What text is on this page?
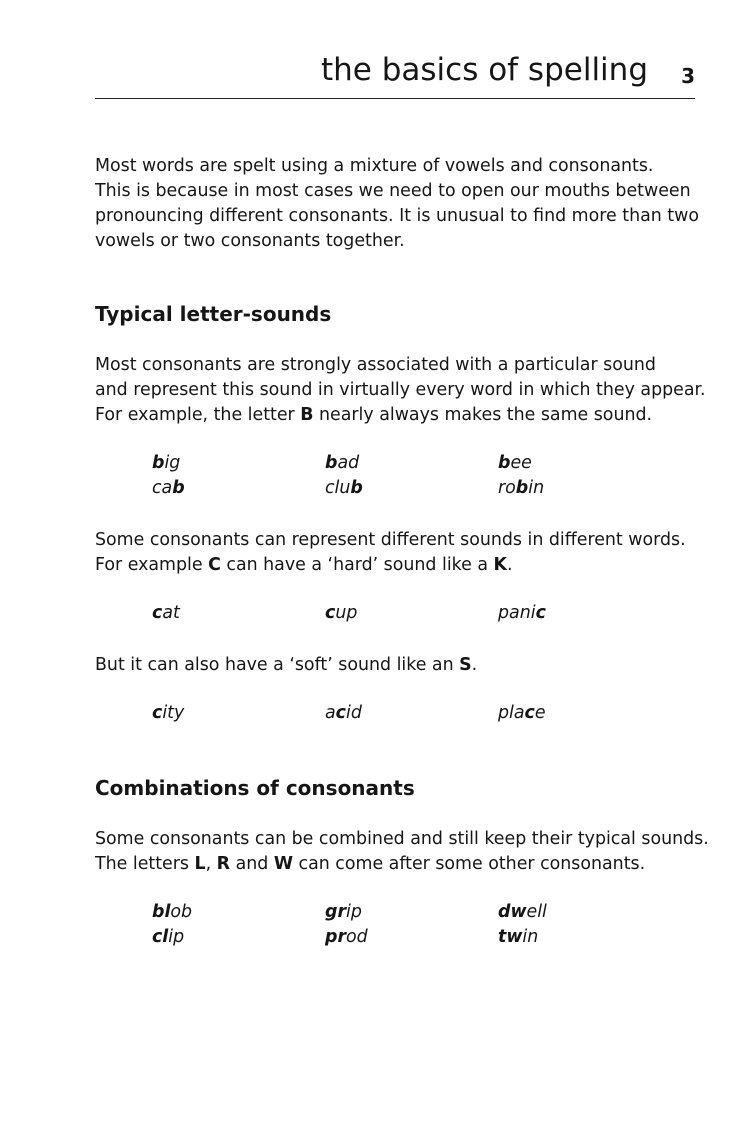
the basics of spelling 3

Most words are spelt using a mixture of vowels and consonants.
This is because in most cases we need to open our mouths between
pronouncing different consonants. It is unusual to find more than two
vowels or two consonants together.

Typical letter-sounds

Most consonants are strongly associated with a particular sound
and represent this sound in virtually every word in which they appear.
For example, the letter B nearly always makes the same sound.

big	bad	bee
cab	club	robin

Some consonants can represent different sounds in different words.
For example C can have a ‘hard’ sound like a K.

cat	cup	panic

But it can also have a ‘soft’ sound like an S.

city	acid	place
Combinations of consonants

Some consonants can be combined and still keep their typical sounds.
The letters L, R and W can come after some other consonants.

blob	grip	dwell
clip	prod	twin
